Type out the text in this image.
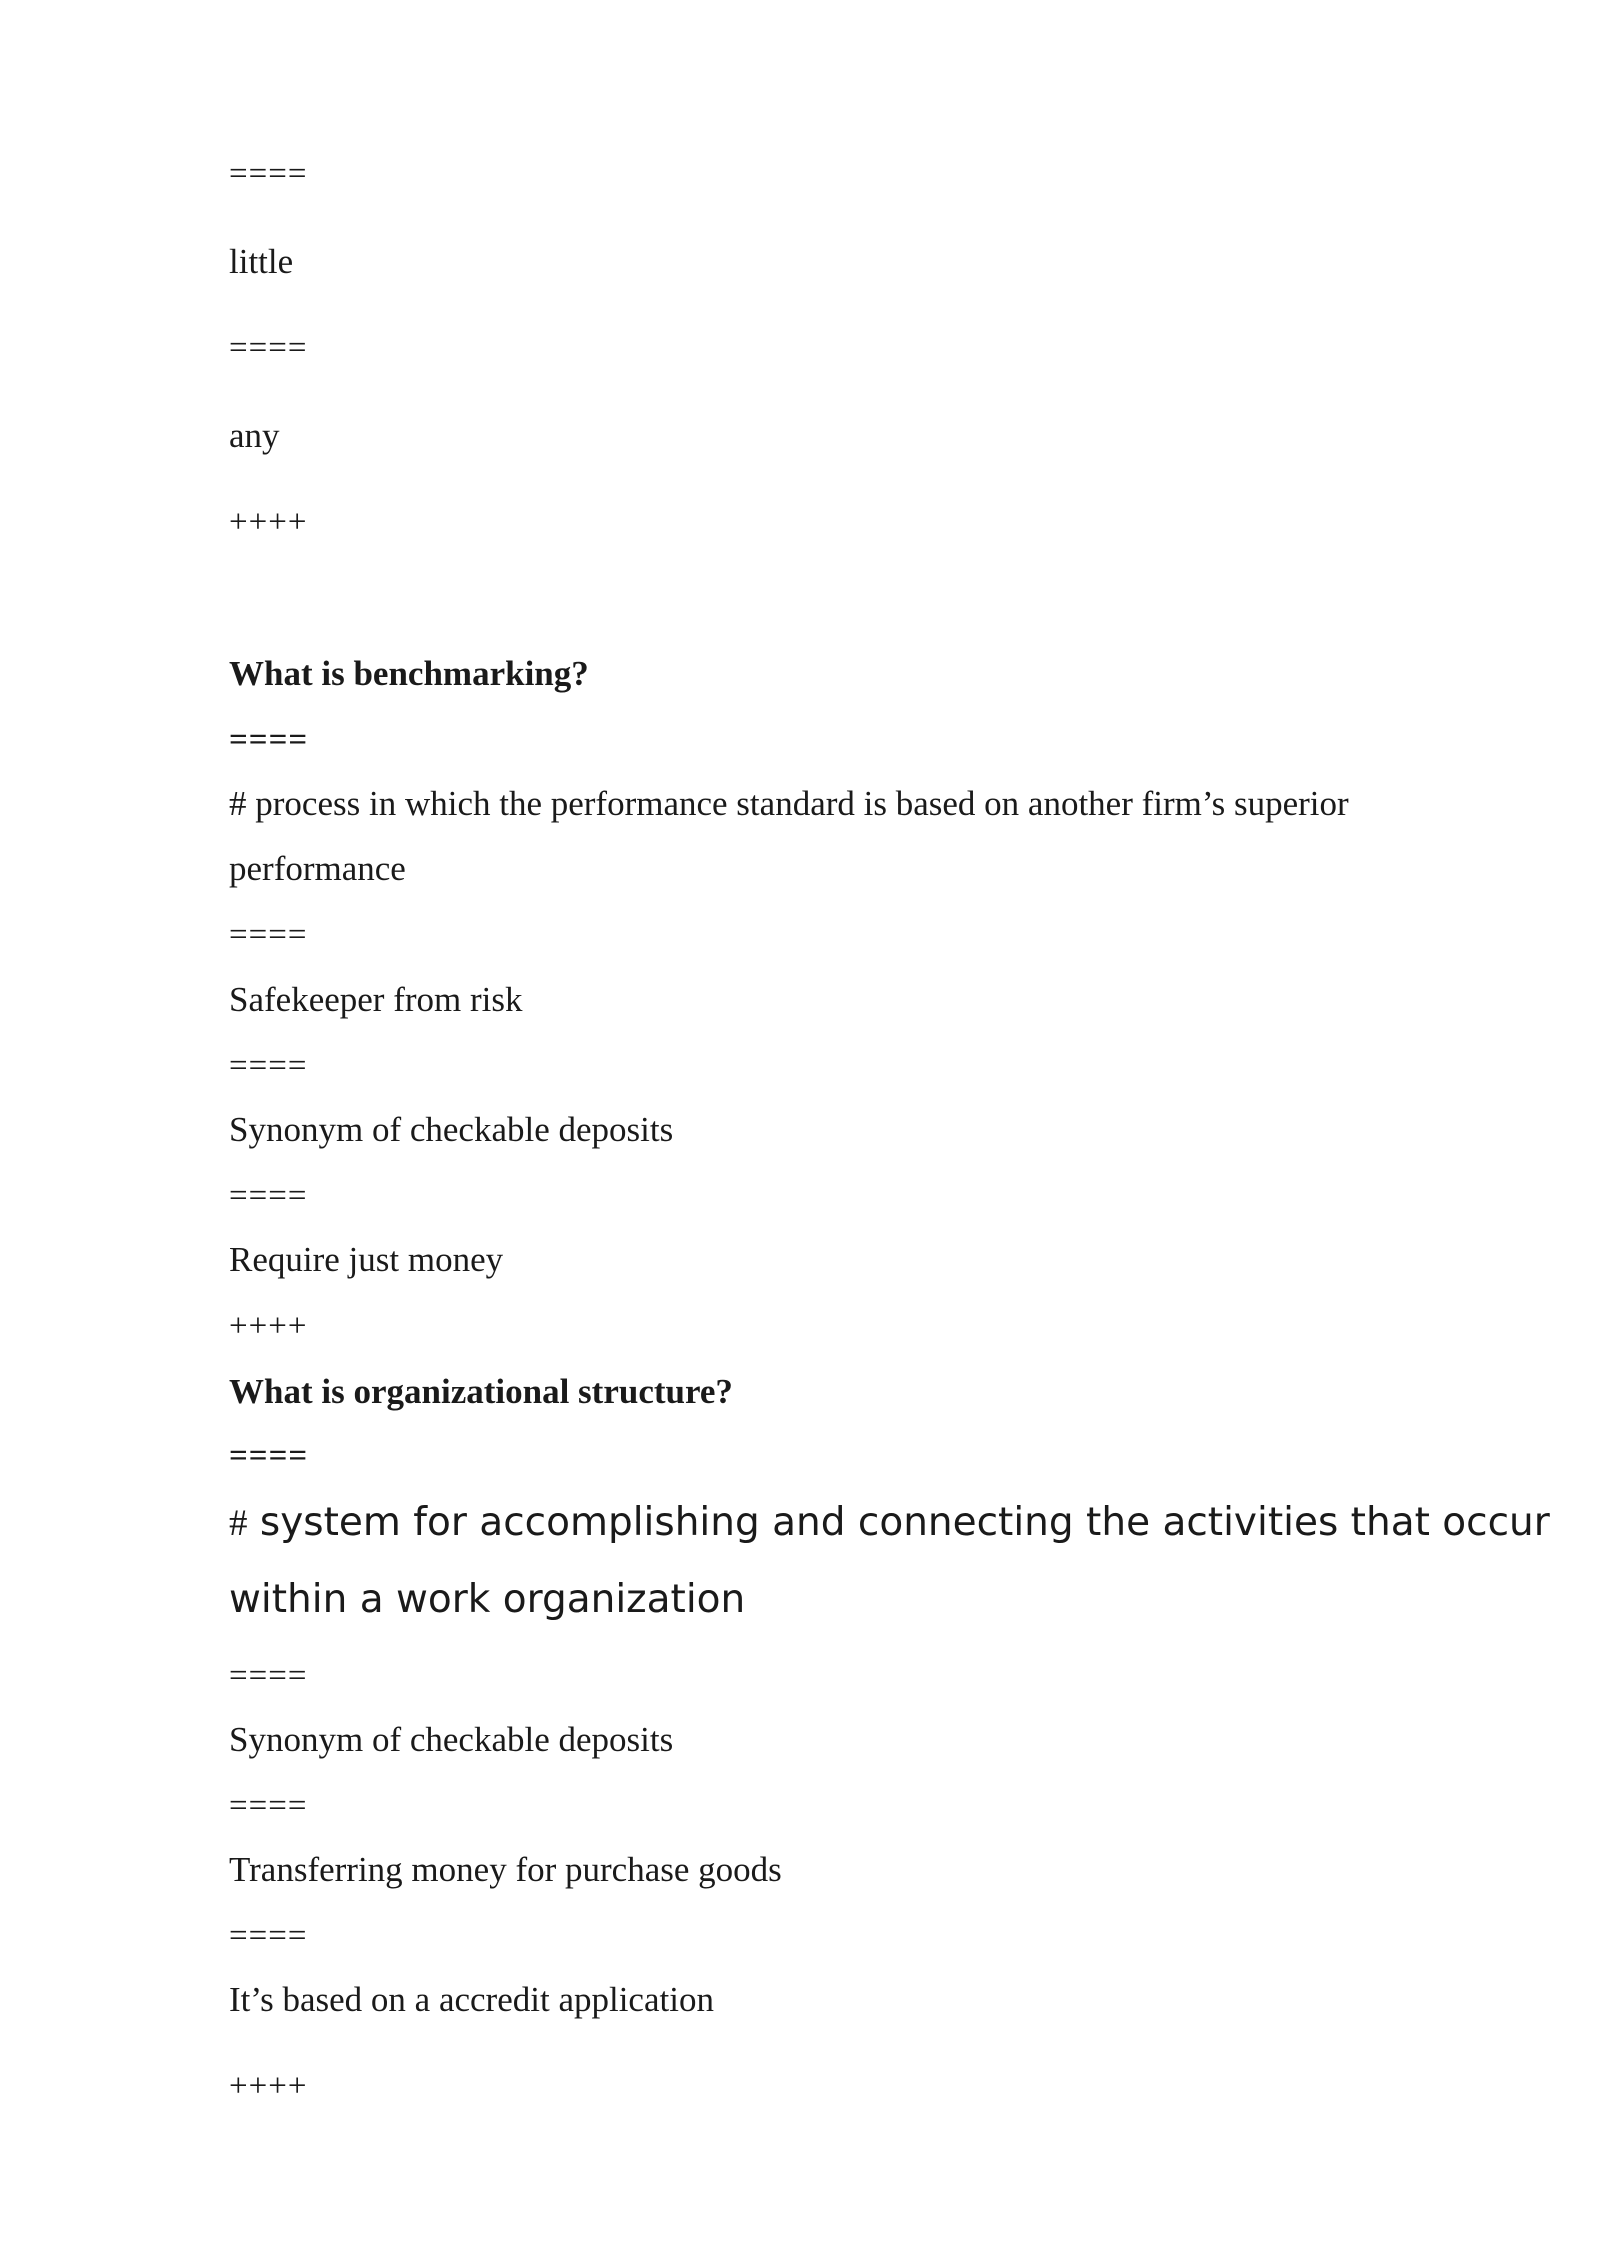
====
little
====
any
++++
What is benchmarking?
====
# process in which the performance standard is based on another firm’s superior
performance
====
Safekeeper from risk
====
Synonym of checkable deposits
====
Require just money
++++
What is organizational structure?
====
# system for accomplishing and connecting the activities that occur
within a work organization
====
Synonym of checkable deposits
====
Transferring money for purchase goods
====
It’s based on a accredit application
++++
